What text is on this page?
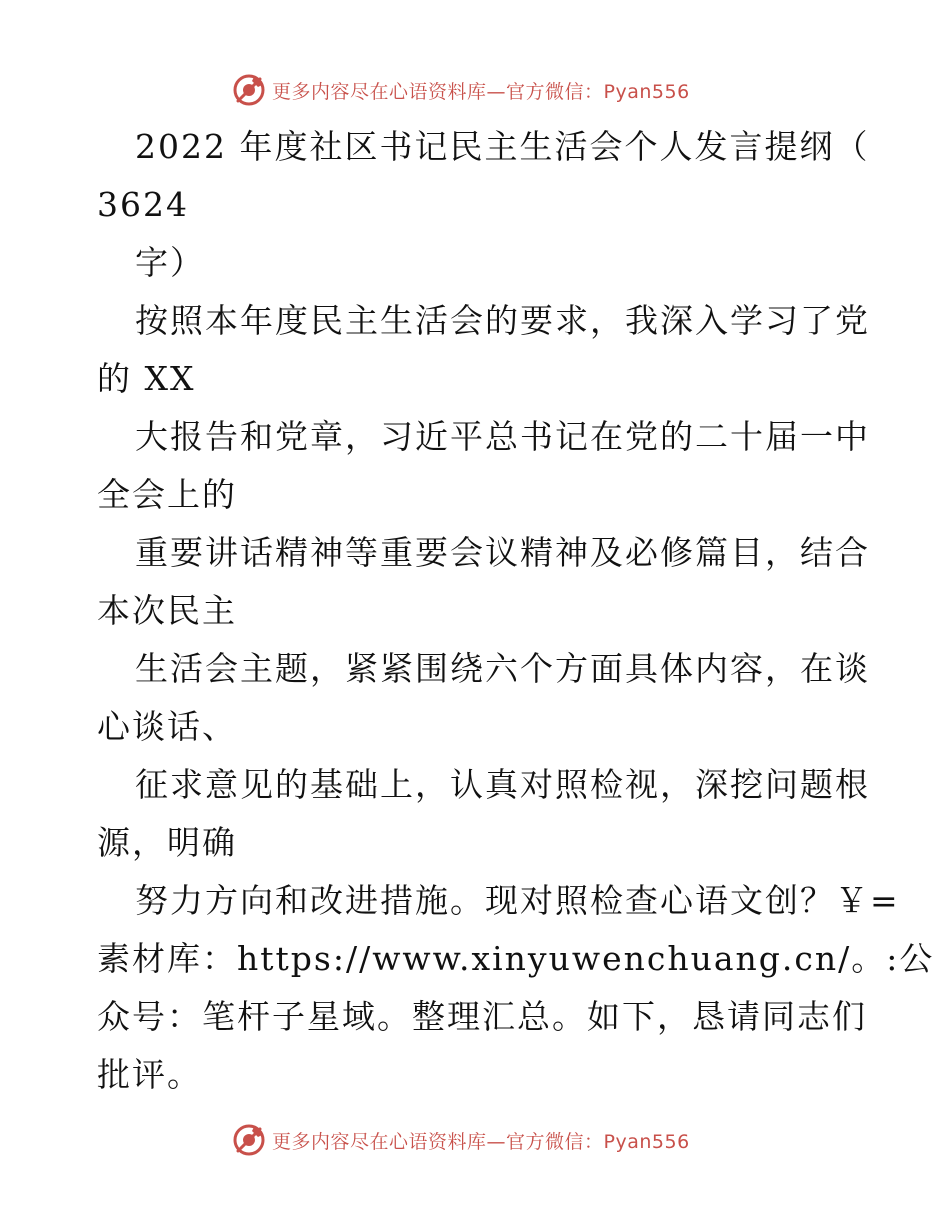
更多内容尽在心语资料库—官方微信：Pyan556
2022 年度社区书记民主生活会个人发言提纲（
3624
字）
按照本年度民主生活会的要求，我深入学习了党
的 XX
大报告和党章，习近平总书记在党的二十届一中
全会上的
重要讲话精神等重要会议精神及必修篇目，结合
本次民主
生活会主题，紧紧围绕六个方面具体内容，在谈
心谈话、
征求意见的基础上，认真对照检视，深挖问题根
源，明确
努力方向和改进措施。现对照检查心语文创？￥=
素材库：https://www.xinyuwenchuang.cn/。:公
众号：笔杆子星域。整理汇总。如下，恳请同志们
批评。
更多内容尽在心语资料库—官方微信：Pyan556
